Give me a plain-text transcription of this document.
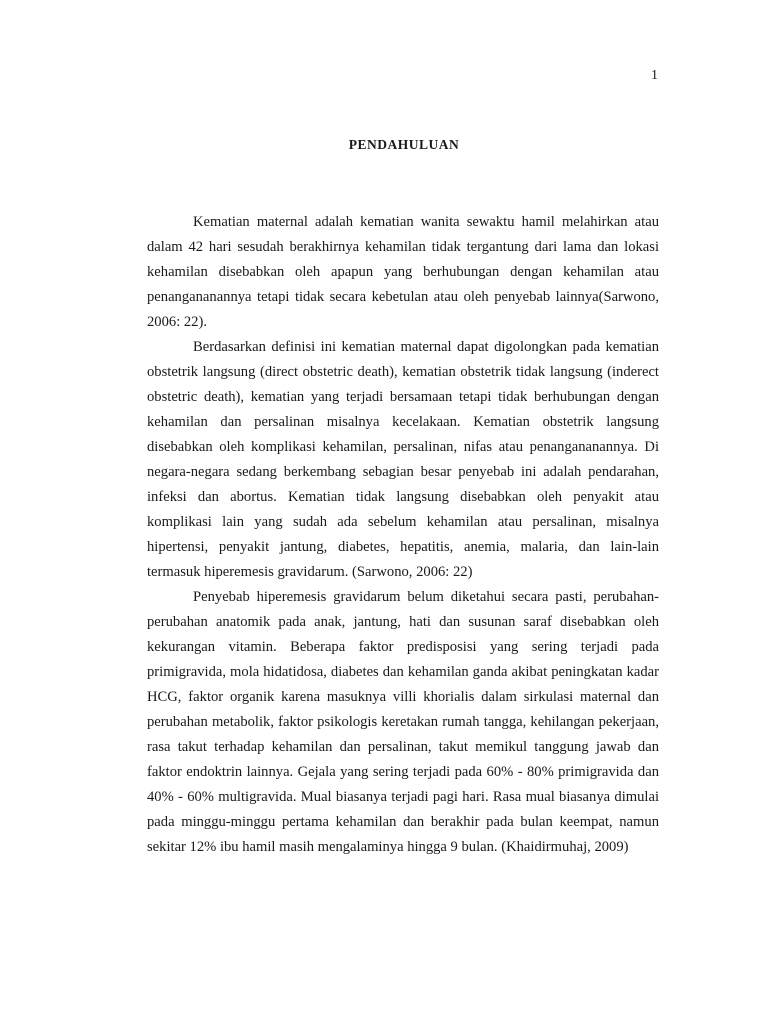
1
PENDAHULUAN

Kematian maternal adalah kematian wanita sewaktu hamil melahirkan atau dalam 42 hari sesudah berakhirnya kehamilan tidak tergantung dari lama dan lokasi kehamilan disebabkan oleh apapun yang berhubungan dengan kehamilan atau penangananannya tetapi tidak secara kebetulan atau oleh penyebab lainnya(Sarwono, 2006: 22).

Berdasarkan definisi ini kematian maternal dapat digolongkan pada kematian obstetrik langsung (direct obstetric death), kematian obstetrik tidak langsung (inderect obstetric death), kematian yang terjadi bersamaan tetapi tidak berhubungan dengan kehamilan dan persalinan misalnya kecelakaan. Kematian obstetrik langsung disebabkan oleh komplikasi kehamilan, persalinan, nifas atau penangananannya. Di negara-negara sedang berkembang sebagian besar penyebab ini adalah pendarahan, infeksi dan abortus. Kematian tidak langsung disebabkan oleh penyakit atau komplikasi lain yang sudah ada sebelum kehamilan atau persalinan, misalnya hipertensi, penyakit jantung, diabetes, hepatitis, anemia, malaria, dan lain-lain termasuk hiperemesis gravidarum. (Sarwono, 2006: 22)

Penyebab hiperemesis gravidarum belum diketahui secara pasti, perubahan-perubahan anatomik pada anak, jantung, hati dan susunan saraf disebabkan oleh kekurangan vitamin. Beberapa faktor predisposisi yang sering terjadi pada primigravida, mola hidatidosa, diabetes dan kehamilan ganda akibat peningkatan kadar HCG, faktor organik karena masuknya villi khorialis dalam sirkulasi maternal dan perubahan metabolik, faktor psikologis keretakan rumah tangga, kehilangan pekerjaan, rasa takut terhadap kehamilan dan persalinan, takut memikul tanggung jawab dan faktor endoktrin lainnya. Gejala yang sering terjadi pada 60% - 80% primigravida dan 40% - 60% multigravida. Mual biasanya terjadi pagi hari. Rasa mual biasanya dimulai pada minggu-minggu pertama kehamilan dan berakhir pada bulan keempat, namun sekitar 12% ibu hamil masih mengalaminya hingga 9 bulan. (Khaidirmuhaj, 2009)
